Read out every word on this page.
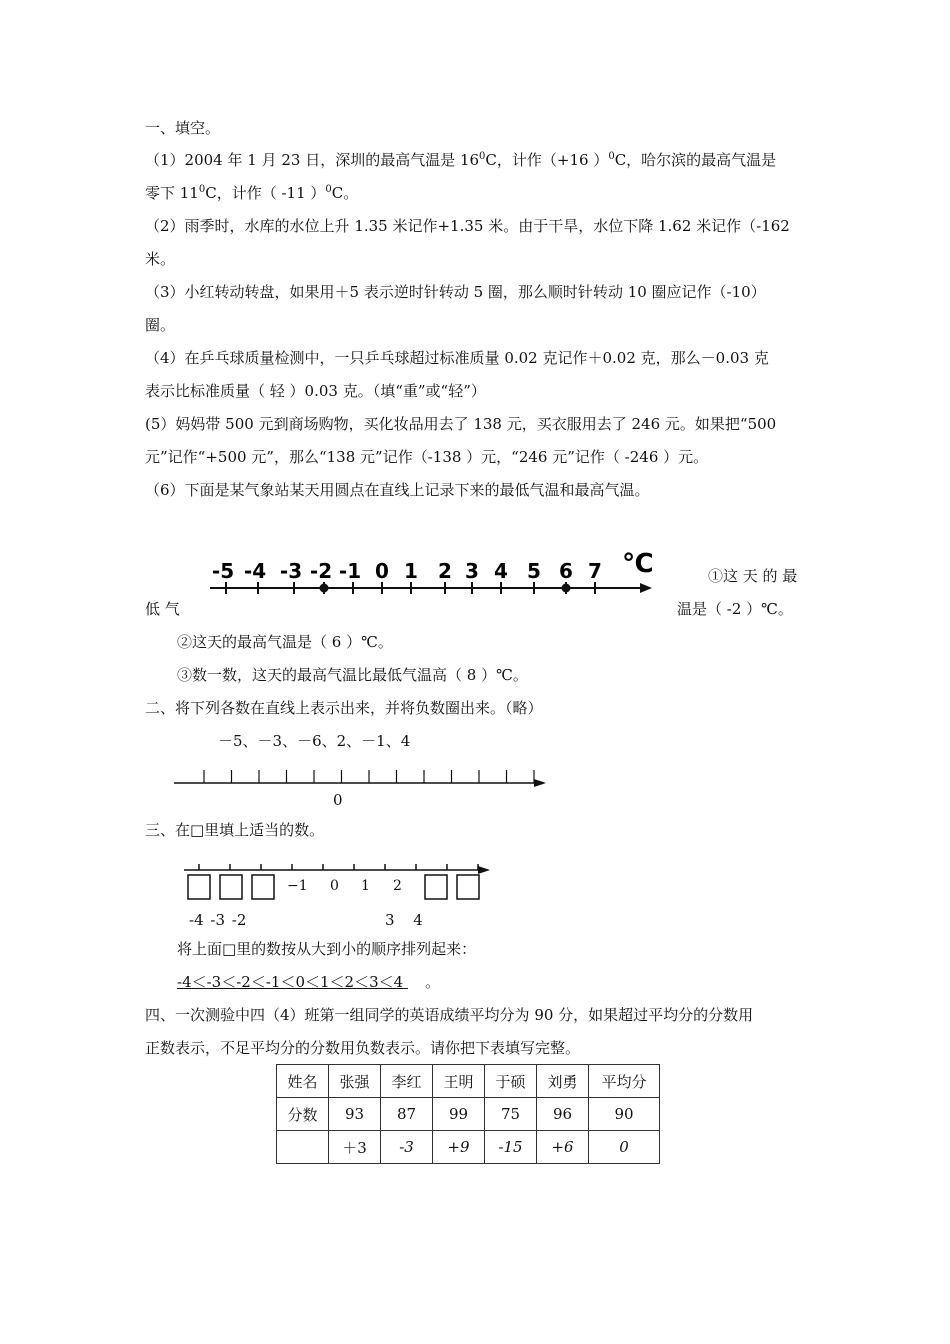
一、填空。
（1）2004 年 1 月 23 日，深圳的最高气温是 $16^0C$，计作（+16 ）$^0$C，哈尔滨的最高气温是
零下 $11^0C$，计作（ -11 ）$^0$C。
（2）雨季时，水库的水位上升 1.35 米记作+1.35 米。由于干旱，水位下降 1.62 米记作（-162
米。
（3）小红转动转盘，如果用＋5 表示逆时针转动 5 圈，那么顺时针转动 10 圈应记作（-10）
圈。
（4）在乒乓球质量检测中，一只乒乓球超过标准质量 0.02 克记作＋0.02 克，那么－0.03 克
表示比标准质量（ 轻 ）0.03 克。（填“重”或“轻”）
(5）妈妈带 500 元到商场购物，买化妆品用去了 138 元，买衣服用去了 246 元。如果把“500
元”记作“+500 元”，那么“138 元”记作（-138 ）元，“246 元”记作（ -246 ）元。
（6）下面是某气象站某天用圆点在直线上记录下来的最低气温和最高气温。
-5 -4 -3 -2 -1 0 1 2 3 4 5 6 7 ℃	①这 天 的 最
低 气	温是（ -2 ）℃。
②这天的最高气温是（ 6 ）℃。
③数一数，这天的最高气温比最低气温高（ 8 ）℃。
二、将下列各数在直线上表示出来，并将负数圈出来。（略）
－5、－3、－6、2、－1、4
0
三、在□里填上适当的数。
−1 0 1 2
-4 -3 -2	3 4
将上面□里的数按从大到小的顺序排列起来：
-4＜-3＜-2＜-1＜0＜1＜2＜3＜4 。
四、一次测验中四（4）班第一组同学的英语成绩平均分为 90 分，如果超过平均分的分数用
正数表示，不足平均分的分数用负数表示。请你把下表填写完整。
姓名	张强	李红	王明	于硕	刘勇	平均分
分数	93	87	99	75	96	90
	＋3	-3	+9	-15	+6	0
